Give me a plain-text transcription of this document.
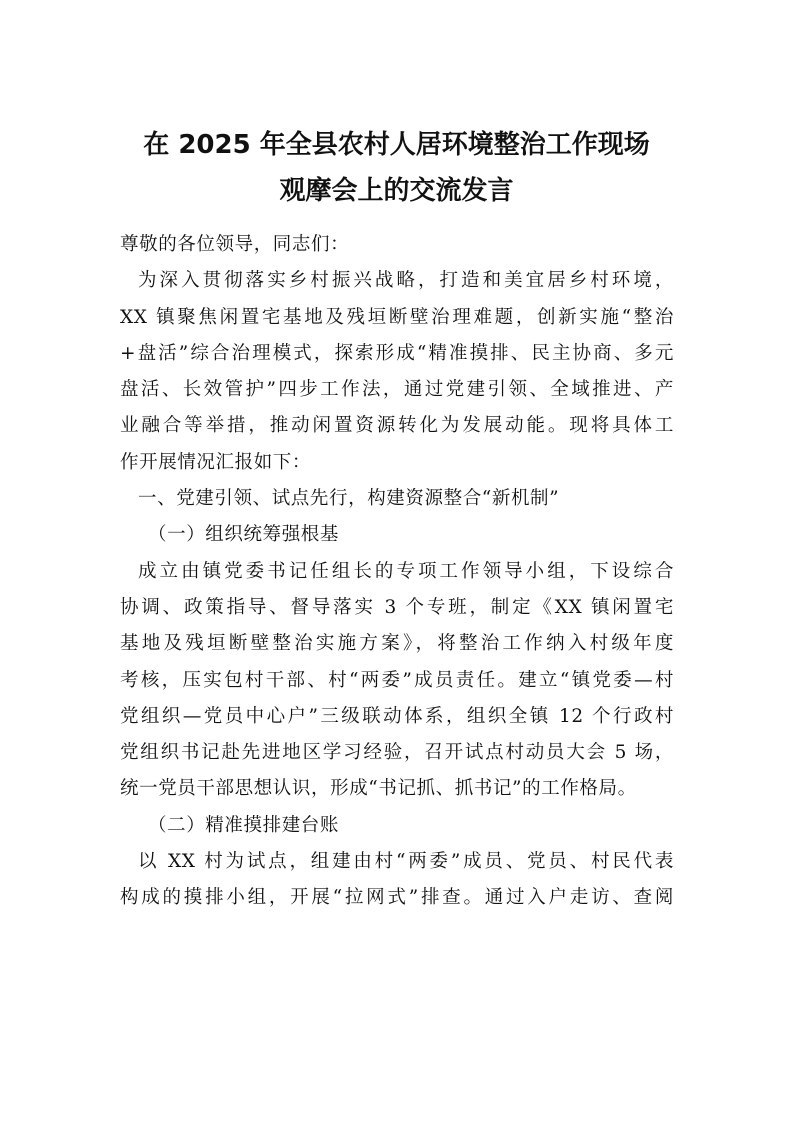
在 2025 年全县农村人居环境整治工作现场
观摩会上的交流发言
尊敬的各位领导，同志们：
为深入贯彻落实乡村振兴战略，打造和美宜居乡村环境，
XX 镇聚焦闲置宅基地及残垣断壁治理难题，创新实施“整治
+盘活”综合治理模式，探索形成“精准摸排、民主协商、多元
盘活、长效管护”四步工作法，通过党建引领、全域推进、产
业融合等举措，推动闲置资源转化为发展动能。现将具体工
作开展情况汇报如下：
一、党建引领、试点先行，构建资源整合“新机制”
（一）组织统筹强根基
成立由镇党委书记任组长的专项工作领导小组，下设综合
协调、政策指导、督导落实 3 个专班，制定《XX 镇闲置宅
基地及残垣断壁整治实施方案》，将整治工作纳入村级年度
考核，压实包村干部、村“两委”成员责任。建立“镇党委—村
党组织—党员中心户”三级联动体系，组织全镇 12 个行政村
党组织书记赴先进地区学习经验，召开试点村动员大会 5 场，
统一党员干部思想认识，形成“书记抓、抓书记”的工作格局。
（二）精准摸排建台账
以 XX 村为试点，组建由村“两委”成员、党员、村民代表
构成的摸排小组，开展“拉网式”排查。通过入户走访、查阅
